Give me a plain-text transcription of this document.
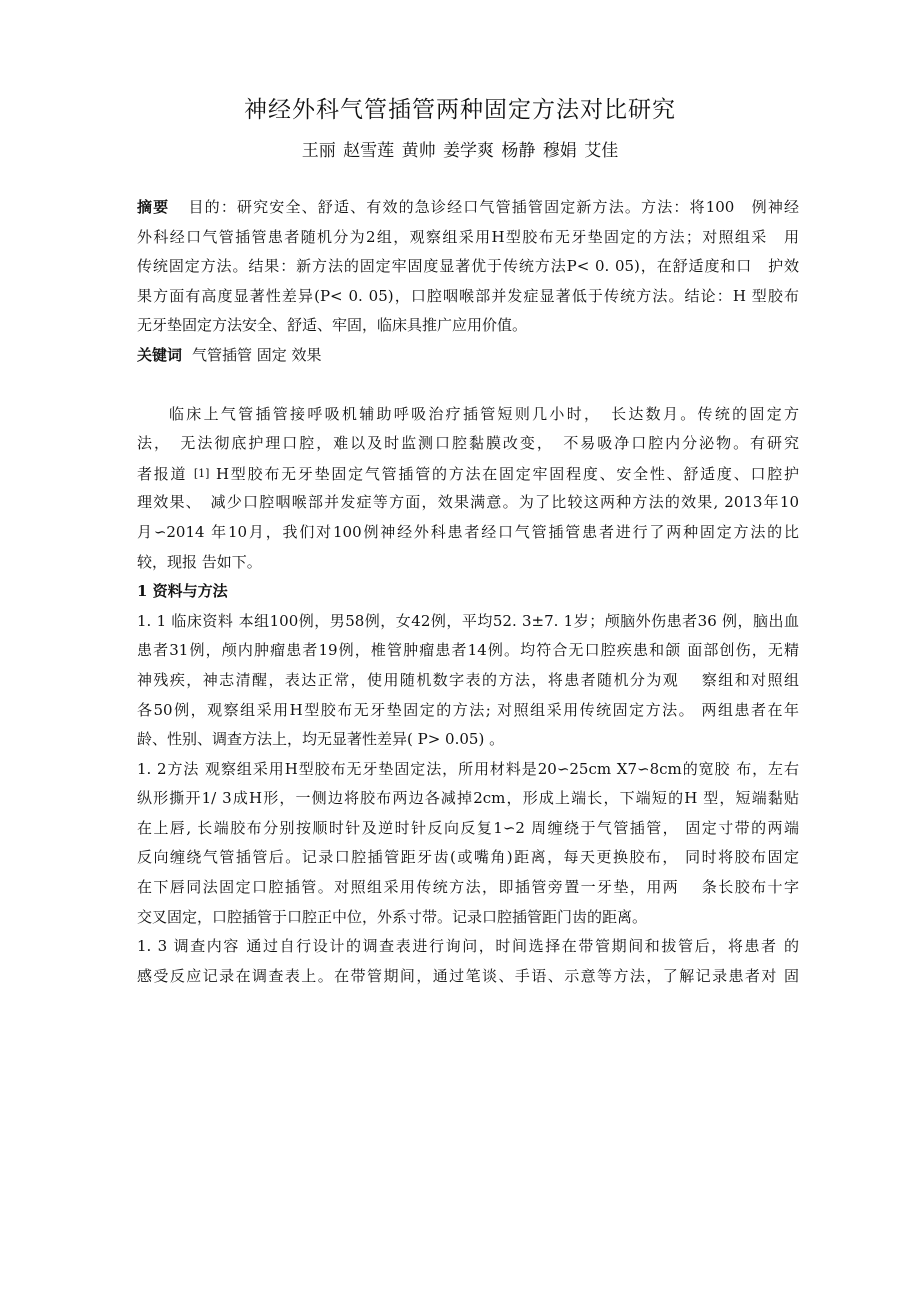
神经外科气管插管两种固定方法对比研究
王丽 赵雪莲 黄帅 姜学爽 杨静 穆娟 艾佳
摘要 目的：研究安全、舒适、有效的急诊经口气管插管固定新方法。方法：将100　例神经
外科经口气管插管患者随机分为2组，观察组采用H型胶布无牙垫固定的方法；对照组采　用
传统固定方法。结果：新方法的固定牢固度显著优于传统方法P< 0. 05)，在舒适度和口　护效
果方面有高度显著性差异(P< 0. 05)，口腔咽喉部并发症显著低于传统方法。结论：H 型胶布
无牙垫固定方法安全、舒适、牢固，临床具推广应用价值。
关键词 气管插管 固定 效果
临床上气管插管接呼吸机辅助呼吸治疗插管短则几小时，　长达数月。传统的固定方
法，　无法彻底护理口腔，难以及时监测口腔黏膜改变，　不易吸净口腔内分泌物。有研究
者报道 [1] H型胶布无牙垫固定气管插管的方法在固定牢固程度、安全性、舒适度、口腔护
理效果、　减少口腔咽喉部并发症等方面，效果满意。为了比较这两种方法的效果, 2013年10
月∽2014 年10月，我们对100例神经外科患者经口气管插管患者进行了两种固定方法的比
较，现报 告如下。
1 资料与方法
1. 1 临床资料 本组100例，男58例，女42例，平均52. 3±7. 1岁；颅脑外伤患者36 例，脑出血
患者31例，颅内肿瘤患者19例，椎管肿瘤患者14例。均符合无口腔疾患和颌 面部创伤，无精
神残疾，神志清醒，表达正常，使用随机数字表的方法，将患者随机分为观　 察组和对照组
各50例，观察组采用H型胶布无牙垫固定的方法; 对照组采用传统固定方法。 两组患者在年
龄、性别、调查方法上，均无显著性差异( P> 0.05) 。
1. 2方法 观察组采用H型胶布无牙垫固定法，所用材料是20∽25cm X7∽8cm的宽胶 布，左右
纵形撕开1/ 3成H形，一侧边将胶布两边各减掉2cm，形成上端长，下端短的H 型，短端黏贴
在上唇, 长端胶布分别按顺时针及逆时针反向反复1∽2 周缠绕于气管插管， 固定寸带的两端
反向缠绕气管插管后。记录口腔插管距牙齿(或嘴角)距离，每天更换胶布， 同时将胶布固定
在下唇同法固定口腔插管。对照组采用传统方法，即插管旁置一牙垫，用两　 条长胶布十字
交叉固定，口腔插管于口腔正中位，外系寸带。记录口腔插管距门齿的距离。
1. 3 调查内容 通过自行设计的调查表进行询问，时间选择在带管期间和拔管后，将患者 的
感受反应记录在调查表上。在带管期间，通过笔谈、手语、示意等方法，了解记录患者对 固
